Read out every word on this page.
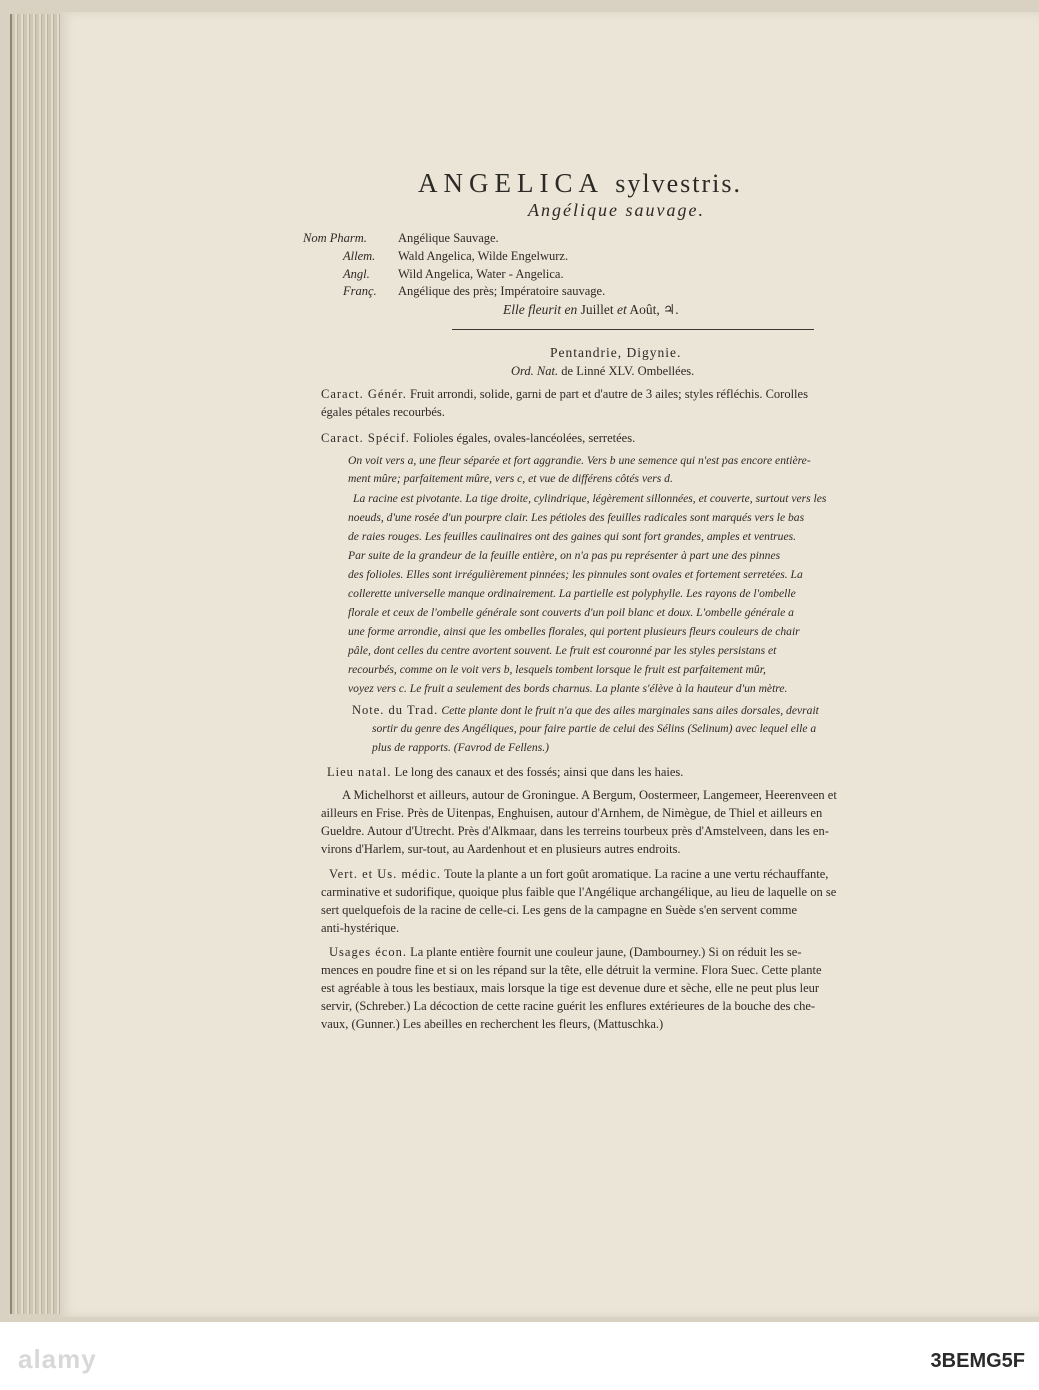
ANGELICA sylvestris.
Angélique sauvage.
Nom Pharm. Angélique Sauvage.
Allem. Wald Angelica, Wilde Engelwurz.
Angl. Wild Angelica, Water - Angelica.
Franç. Angélique des près; Impératoire sauvage.
Elle fleurit en Juillet et Août, ♃.
Pentandrie, Digynie.
Ord. Nat. de Linné XLV. Ombellées.
Caract. Génér. Fruit arrondi, solide, garni de part et d'autre de 3 ailes; styles réfléchis. Corolles
égales pétales recourbés.
Caract. Spécif. Folioles égales, ovales-lancéolées, serretées.
On voit vers a, une fleur séparée et fort aggrandie. Vers b une semence qui n'est pas encore entière-
ment mûre; parfaitement mûre, vers c, et vue de différens côtés vers d.
La racine est pivotante. La tige droite, cylindrique, légèrement sillonnées, et couverte, surtout vers les
noeuds, d'une rosée d'un pourpre clair. Les pétioles des feuilles radicales sont marqués vers le bas
de raies rouges. Les feuilles caulinaires ont des gaines qui sont fort grandes, amples et ventrues.
Par suite de la grandeur de la feuille entière, on n'a pas pu représenter à part une des pinnes
des folioles. Elles sont irrégulièrement pinnées; les pinnules sont ovales et fortement serretées. La
collerette universelle manque ordinairement. La partielle est polyphylle. Les rayons de l'ombelle
florale et ceux de l'ombelle générale sont couverts d'un poil blanc et doux. L'ombelle générale a
une forme arrondie, ainsi que les ombelles florales, qui portent plusieurs fleurs couleurs de chair
pâle, dont celles du centre avortent souvent. Le fruit est couronné par les styles persistans et
recourbés, comme on le voit vers b, lesquels tombent lorsque le fruit est parfaitement mûr,
voyez vers c. Le fruit a seulement des bords charnus. La plante s'élève à la hauteur d'un mètre.
Note. du Trad. Cette plante dont le fruit n'a que des ailes marginales sans ailes dorsales, devrait
sortir du genre des Angéliques, pour faire partie de celui des Sélins (Selinum) avec lequel elle a
plus de rapports. (Favrod de Fellens.)
Lieu natal. Le long des canaux et des fossés; ainsi que dans les haies.
A Michelhorst et ailleurs, autour de Groningue. A Bergum, Oostermeer, Langemeer, Heerenveen et
ailleurs en Frise. Près de Uitenpas, Enghuisen, autour d'Arnhem, de Nimègue, de Thiel et ailleurs en
Gueldre. Autour d'Utrecht. Près d'Alkmaar, dans les terreins tourbeux près d'Amstelveen, dans les en-
virons d'Harlem, sur-tout, au Aardenhout et en plusieurs autres endroits.
Vert. et Us. médic. Toute la plante a un fort goût aromatique. La racine a une vertu réchauffante,
carminative et sudorifique, quoique plus faible que l'Angélique archangélique, au lieu de laquelle on se
sert quelquefois de la racine de celle-ci. Les gens de la campagne en Suède s'en servent comme
anti-hystérique.
Usages écon. La plante entière fournit une couleur jaune, (Dambourney.) Si on réduit les se-
mences en poudre fine et si on les répand sur la tête, elle détruit la vermine. Flora Suec. Cette plante
est agréable à tous les bestiaux, mais lorsque la tige est devenue dure et sèche, elle ne peut plus leur
servir, (Schreber.) La décoction de cette racine guérit les enflures extérieures de la bouche des che-
vaux, (Gunner.) Les abeilles en recherchent les fleurs, (Mattuschka.)
alamy	3BEMG5F
